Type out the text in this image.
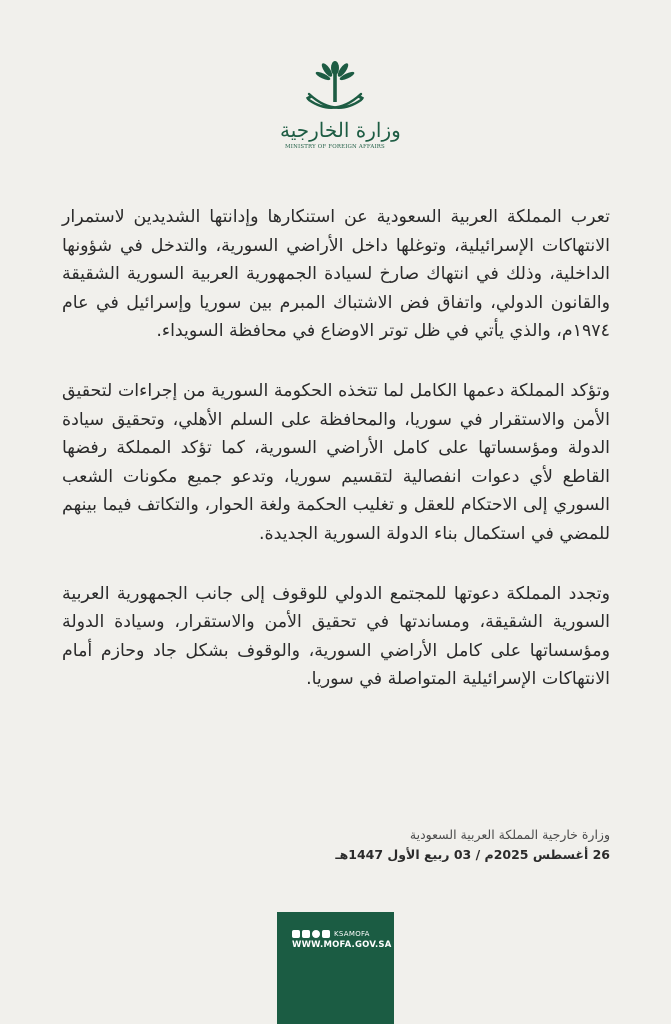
وزارة الخارجية
MINISTRY OF FOREIGN AFFAIRS

تعرب المملكة العربية السعودية عن استنكارها وإدانتها الشديدين لاستمرار الانتهاكات الإسرائيلية، وتوغلها داخل الأراضي السورية، والتدخل في شؤونها الداخلية، وذلك في انتهاك صارخ لسيادة الجمهورية العربية السورية الشقيقة والقانون الدولي، واتفاق فض الاشتباك المبرم بين سوريا وإسرائيل في عام ١٩٧٤م، والذي يأتي في ظل توتر الاوضاع في محافظة السويداء.

وتؤكد المملكة دعمها الكامل لما تتخذه الحكومة السورية من إجراءات لتحقيق الأمن والاستقرار في سوريا، والمحافظة على السلم الأهلي، وتحقيق سيادة الدولة ومؤسساتها على كامل الأراضي السورية، كما تؤكد المملكة رفضها القاطع لأي دعوات انفصالية لتقسيم سوريا، وتدعو جميع مكونات الشعب السوري إلى الاحتكام للعقل و تغليب الحكمة ولغة الحوار، والتكاتف فيما بينهم للمضي في استكمال بناء الدولة السورية الجديدة.

وتجدد المملكة دعوتها للمجتمع الدولي للوقوف إلى جانب الجمهورية العربية السورية الشقيقة، ومساندتها في تحقيق الأمن والاستقرار، وسيادة الدولة ومؤسساتها على كامل الأراضي السورية، والوقوف بشكل جاد وحازم أمام الانتهاكات الإسرائيلية المتواصلة في سوريا.

وزارة خارجية المملكة العربية السعودية
26 أغسطس 2025م / 03 ربيع الأول 1447هـ
KSAMOFA
WWW.MOFA.GOV.SA
